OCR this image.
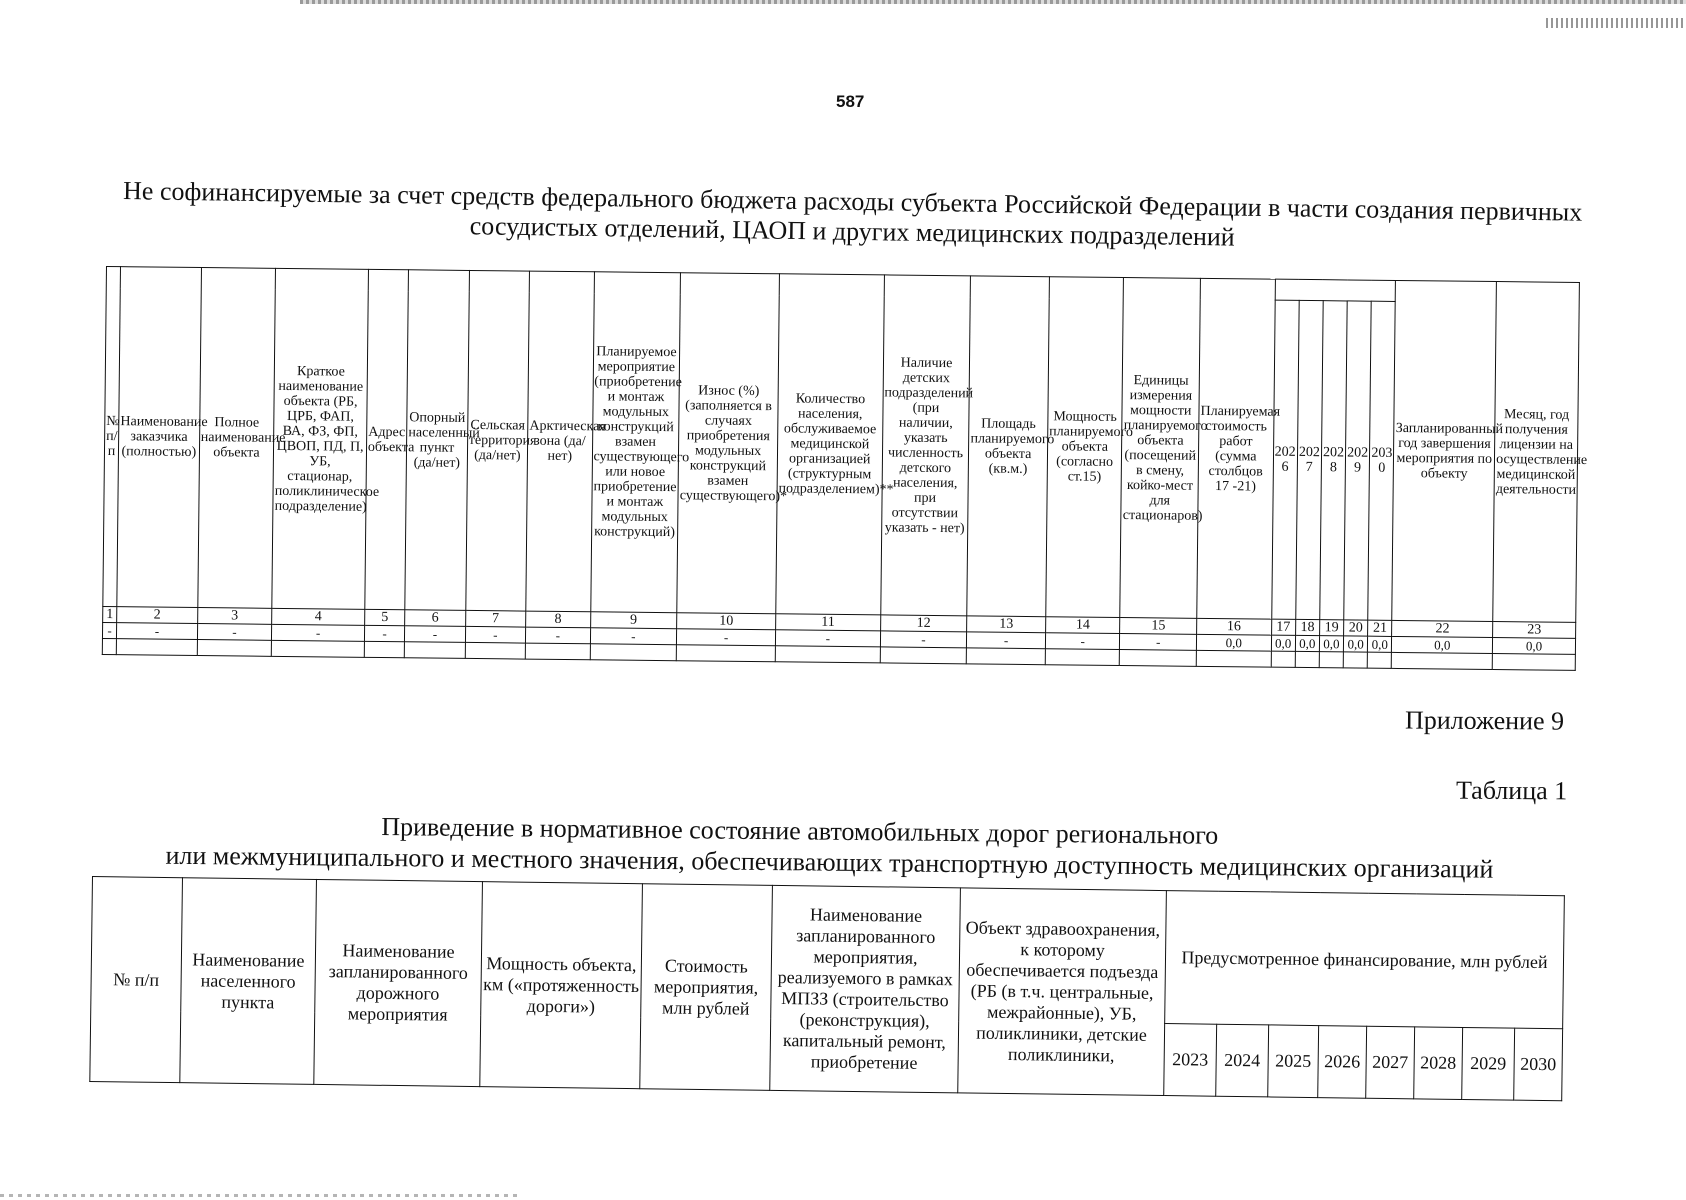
587
Не софинансируемые за счет средств федерального бюджета расходы субъекта Российской Федерации в части создания первичных сосудистых отделений, ЦАОП и других медицинских подразделений
№ п/п	Наименование заказчика (полностью)	Полное наименование объекта	Краткое наименование объекта (РБ, ЦРБ, ФАП, ВА, ФЗ, ФП, ЦВОП, ПД, П, УБ, стационар, поликлиническое подразделение)	Адрес объекта	Опорный населенный пункт (да/нет)	Сельская территория (да/нет)	Арктическая зона (да/нет)	Планируемое мероприятие (приобретение и монтаж модульных конструкций взамен существующего или новое приобретение и монтаж модульных конструкций)	Износ (%) (заполняется в случаях приобретения модульных конструкций взамен существующего)*	Количество населения, обслуживаемое медицинской организацией (структурным подразделением)**	Наличие детских подразделений (при наличии, указать численность детского населения, при отсутствии указать - нет)	Площадь планируемого объекта (кв.м.)	Мощность планируемого объекта (согласно ст.15)	Единицы измерения мощности планируемого объекта (посещений в смену, койко-мест для стационаров)	Планируемая стоимость работ (сумма столбцов 17 -21)						Запланированный год завершения мероприятия по объекту	Месяц, год получения лицензии на осуществление медицинской деятельности
																2026	2027	2028	2029	2030		
1	2	3	4	5	6	7	8	9	10	11	12	13	14	15	16	17	18	19	20	21	22	23
-	-	-	-	-	-	-	-	-	-	-	-	-	-	-	0,0	0,0	0,0	0,0	0,0	0,0	0,0	0,0

Приложение 9
Таблица 1
Приведение в нормативное состояние автомобильных дорог регионального
или межмуниципального и местного значения, обеспечивающих транспортную доступность медицинских организаций
№ п/п	Наименование населенного пункта	Наименование запланированного дорожного мероприятия	Мощность объекта, км («протяженность дороги»)	Стоимость мероприятия, млн рублей	Наименование запланированного мероприятия, реализуемого в рамках МПЗЗ (строительство (реконструкция), капитальный ремонт, приобретение	Объект здравоохранения, к которому обеспечивается подъезда (РБ (в т.ч. центральные, межрайонные), УБ, поликлиники, детские поликлиники,	Предусмотренное финансирование, млн рублей							
							2023	2024	2025	2026	2027	2028	2029	2030
